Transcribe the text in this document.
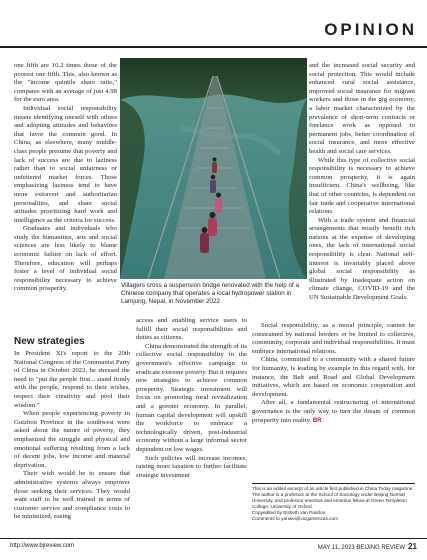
OPINION

one fifth are 10.2 times those of the poorest one fifth. This, also known as the "income quintile share ratio," compares with an average of just 4.98 for the euro area.

Individual social responsibility means identifying oneself with others and adopting attitudes and behaviors that favor the common good. In China, as elsewhere, many middle-class people presume that poverty and lack of success are due to laziness rather than to social unfairness or unfettered market forces. Those emphasizing laziness tend to have more extravert and authoritarian personalities, and share social attitudes prioritizing hard work and intelligence as the criteria for success.

Graduates and individuals who study the humanities, arts and social sciences are less likely to blame economic failure on lack of effort. Therefore, education will perhaps foster a level of individual social responsibility necessary to achieve common prosperity.	Villagers cross a suspension bridge renovated with the help of a Chinese company that operates a local hydropower station in Lamjung, Nepal, in November 2022
New strategies

In President Xi's report to the 20th National Congress of the Communist Party of China in October 2022, he stressed the need to "put the people first... stand firmly with the people, respond to their wishes, respect their creativity and pool their wisdom."

When people experiencing poverty in Guizhou Province in the southwest were asked about the nature of poverty, they emphasized the struggle and physical and emotional suffering resulting from a lack of decent jobs, low income and material deprivation.

Their wish would be to ensure that administrative systems always empower those seeking their services. They would want staff to be well trained in terms of customer service and compliance costs to be minimized, easing

access and enabling service users to fulfill their social responsibilities and duties as citizens.

China demonstrated the strength of its collective social responsibility in the government's effective campaign to eradicate extreme poverty. But it requires new strategies to achieve common prosperity. Strategic investment will focus on promoting rural revitalization and a greener economy. In parallel, human capital development will upskill the workforce to embrace a technologically driven, post-industrial economy without a large informal sector dependent on low wages.

Such policies will increase incomes, raising more taxation to further facilitate strategic investment

and the increased social security and social protection. This would include enhanced rural social assistance, improved social insurance for migrant workers and those in the gig economy, a labor market characterized by the prevalence of short-term contracts or freelance work as opposed to permanent jobs, better coordination of social insurance, and more effective health and social care services.

While this type of collective social responsibility is necessary to achieve common prosperity, it is again insufficient. China's wellbeing, like that of other countries, is dependent on fair trade and cooperative international relations.

With a trade system and financial arrangements that mostly benefit rich nations at the expense of developing ones, the lack of international social responsibility is clear. National self-interest is invariably placed above global social responsibility as illustrated by inadequate action on climate change, COVID-19 and the UN Sustainable Development Goals.

Social responsibility, as a moral principle, cannot be constrained by national borders or be limited to collective, community, corporate and individual responsibilities. It must embrace international relations.

China, committed to a community with a shared future for humanity, is leading by example in this regard with, for instance, the Belt and Road and Global Development initiatives, which are based on economic cooperation and development.

After all, a fundamental restructuring of international governance is the only way to turn the dream of common prosperity into reality. BR

This is an edited excerpt of an article first published in China Today magazine. The author is a professor at the School of Sociology under Beijing Normal University, and professor emeritus and emeritus fellow at Green Templeton College, University of Oxford
Copyedited by Elsbeth van Paridon
Comments to yanwei@cicgamericas.com
http://www.bjreview.com	MAY 11, 2023 BEIJING REVIEW 21
